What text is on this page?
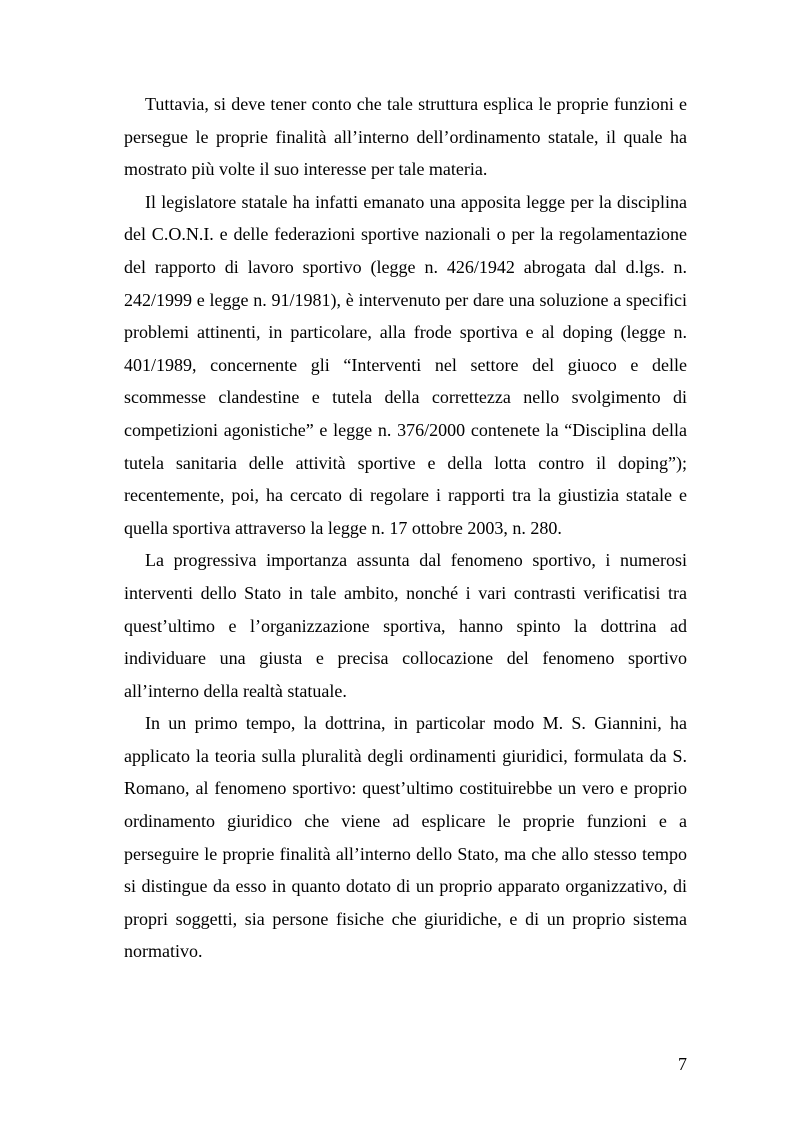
Tuttavia, si deve tener conto che tale struttura esplica le proprie funzioni e persegue le proprie finalità all’interno dell’ordinamento statale, il quale ha mostrato più volte il suo interesse per tale materia.

Il legislatore statale ha infatti emanato una apposita legge per la disciplina del C.O.N.I. e delle federazioni sportive nazionali o per la regolamentazione del rapporto di lavoro sportivo (legge n. 426/1942 abrogata dal d.lgs. n. 242/1999 e legge n. 91/1981), è intervenuto per dare una soluzione a specifici problemi attinenti, in particolare, alla frode sportiva e al doping (legge n. 401/1989, concernente gli “Interventi nel settore del giuoco e delle scommesse clandestine e tutela della correttezza nello svolgimento di competizioni agonistiche” e legge n. 376/2000 contenete la “Disciplina della tutela sanitaria delle attività sportive e della lotta contro il doping”); recentemente, poi, ha cercato di regolare i rapporti tra la giustizia statale e quella sportiva attraverso la legge n. 17 ottobre 2003, n. 280.

La progressiva importanza assunta dal fenomeno sportivo, i numerosi interventi dello Stato in tale ambito, nonché i vari contrasti verificatisi tra quest’ultimo e l’organizzazione sportiva, hanno spinto la dottrina ad individuare una giusta e precisa collocazione del fenomeno sportivo all’interno della realtà statuale.

In un primo tempo, la dottrina, in particolar modo M. S. Giannini, ha applicato la teoria sulla pluralità degli ordinamenti giuridici, formulata da S. Romano, al fenomeno sportivo: quest’ultimo costituirebbe un vero e proprio ordinamento giuridico che viene ad esplicare le proprie funzioni e a perseguire le proprie finalità all’interno dello Stato, ma che allo stesso tempo si distingue da esso in quanto dotato di un proprio apparato organizzativo, di propri soggetti, sia persone fisiche che giuridiche, e di un proprio sistema normativo.

7
